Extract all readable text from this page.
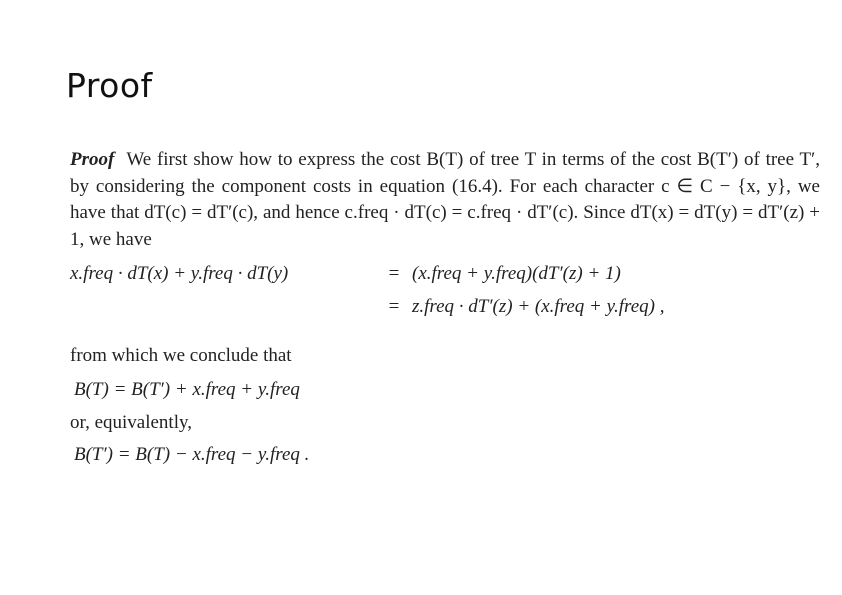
Proof

Proof We first show how to express the cost B(T) of tree T in terms of the cost B(T′) of tree T′, by considering the component costs in equation (16.4). For each character c ∈ C − {x, y}, we have that dT(c) = dT′(c), and hence c.freq · dT(c) = c.freq · dT′(c). Since dT(x) = dT(y) = dT′(z) + 1, we have

x.freq · dT(x) + y.freq · dT(y)	= (x.freq + y.freq)(dT′(z) + 1)
= z.freq · dT′(z) + (x.freq + y.freq) ,
from which we conclude that
B(T) = B(T′) + x.freq + y.freq
or, equivalently,
B(T′) = B(T) − x.freq − y.freq .
